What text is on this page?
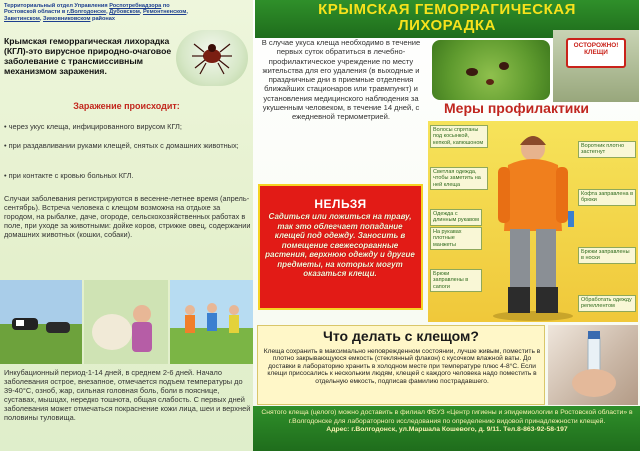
Территориальный отдел Управления Роспотребнадзора по
Ростовской области в г.Волгодонске, Дубовском, Ремонтненском,
Заветинском, Зимовниковском районах
КРЫМСКАЯ ГЕМОРРАГИЧЕСКАЯ
ЛИХОРАДКА
Крымская геморрагическая лихорадка (КГЛ)-это вирусное природно-очаговое заболевание с трансмиссивным механизмом заражения.
Заражение происходит:
• через укус клеща, инфицированного вирусом КГЛ;
• при раздавливании руками клещей, снятых с домашних животных;
• при контакте с кровью больных КГЛ.
Случаи заболевания регистрируются в весенне-летнее время (апрель-сентябрь). Встреча человека с клещом возможна на отдыхе за городом, на рыбалке, даче, огороде, сельскохозяйственных работах в поле, при уходе за животными: дойке коров, стрижке овец, содержании домашних животных (кошки, собаки).
Инкубационный период-1-14 дней, в среднем 2-6 дней. Начало заболевания острое, внезапное, отмечается подъем температуры до 39-40°С, озноб, жар, сильная головная боль, боли в пояснице, суставах, мышцах, нередко тошнота, общая слабость. С первых дней заболевания может отмечаться покраснение кожи лица, шеи и верхней половины туловища.
В случае укуса клеща необходимо в течение первых суток обратиться в лечебно-профилактическое учреждение по месту жительства для его удаления (в выходные и праздничные дни в приемные отделения ближайших стационаров или травмпункт) и установления медицинского наблюдения за укушенным человеком, в течение 14 дней, с ежедневной термометрией.
ОСТОРОЖНО! КЛЕЩИ
Меры профилактики
Волосы спрятаны под косынкой, кепкой, капюшоном
Светлая одежда, чтобы заметить на ней клеща
Одежда с длинным рукавом
На рукавах плотные манжеты
Брюки заправлены в сапоги
Воротник плотно застегнут
Кофта заправлена в брюки
Брюки заправлены в носки
Обработать одежду репеллентом
НЕЛЬЗЯ
Садиться или ложиться на траву, так это облегчает попадание клещей под одежду. Заносить в помещение свежесорванные растения, верхнюю одежду и другие предметы, на которых могут оказаться клещи.
Что делать с клещом?
Клеща сохранить в максимально неповрежденном состоянии, лучше живым, поместить в плотно закрывающуюся емкость (стеклянный флакон) с кусочком влажной ваты. До доставки в лабораторию хранить в холодном месте при температуре плюс 4-8°С. Если клещи присосались к нескольким людям, клещей с каждого человека надо поместить в отдельную емкость, подписав фамилию пострадавшего.
Снятого клеща (целого) можно доставить в филиал ФБУЗ «Центр гигиены и эпидемиологии в Ростовской области» в г.Волгодонске для лабораторного исследования по определению видовой принадлежности клещей.
Адрес: г.Волгодонск, ул.Маршала Кошевого, д. 9/11. Тел.8-863-92-58-197
